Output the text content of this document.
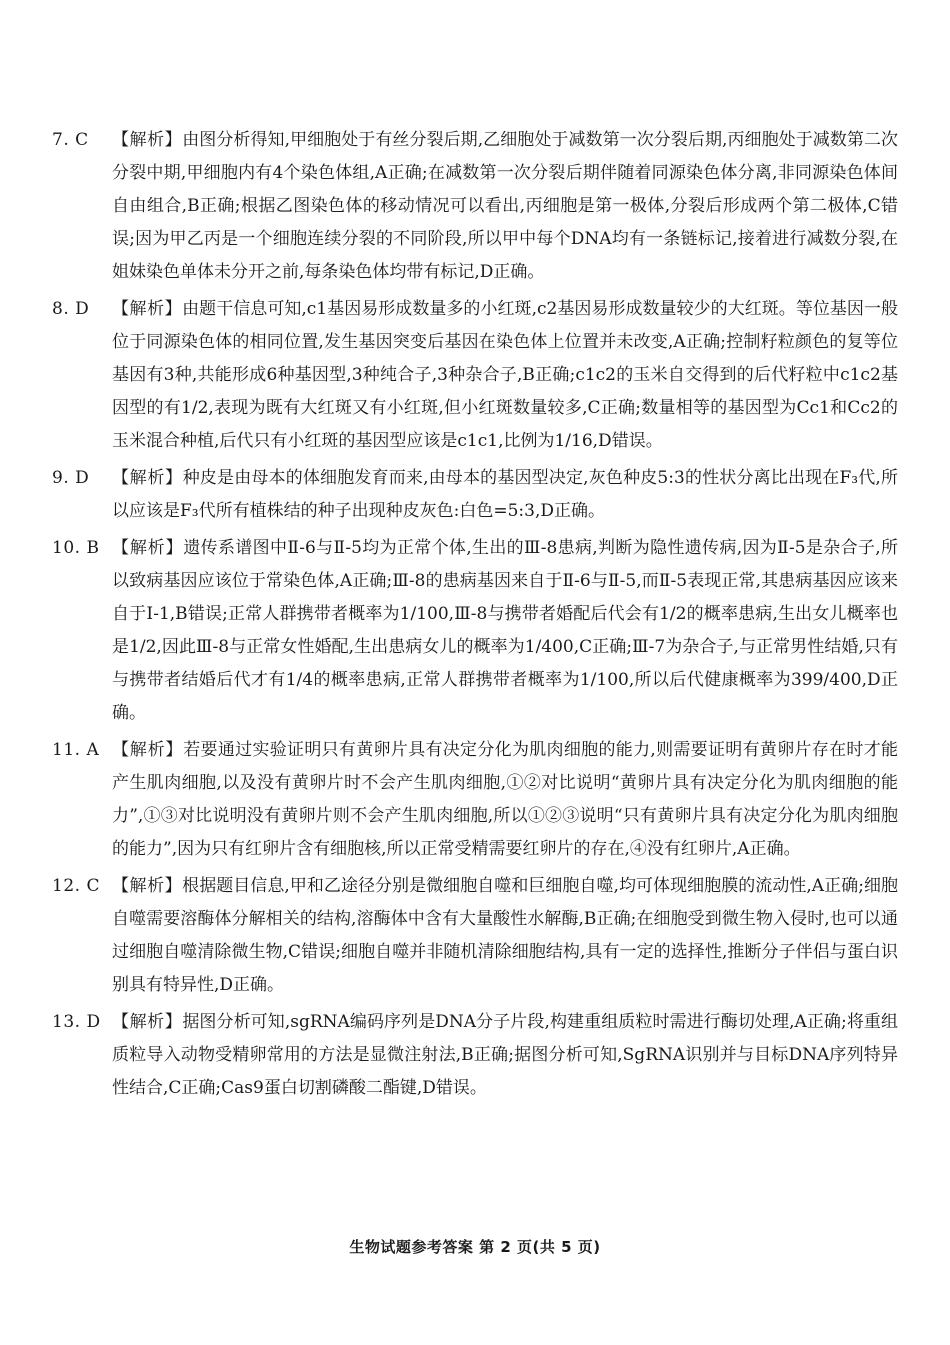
7. C	【解析】由图分析得知,甲细胞处于有丝分裂后期,乙细胞处于减数第一次分裂后期,丙细胞处于减数第二次分裂中期,甲细胞内有4个染色体组,A正确;在减数第一次分裂后期伴随着同源染色体分离,非同源染色体间自由组合,B正确;根据乙图染色体的移动情况可以看出,丙细胞是第一极体,分裂后形成两个第二极体,C错误;因为甲乙丙是一个细胞连续分裂的不同阶段,所以甲中每个DNA均有一条链标记,接着进行减数分裂,在姐妹染色单体未分开之前,每条染色体均带有标记,D正确。
8. D	【解析】由题干信息可知,c1基因易形成数量多的小红斑,c2基因易形成数量较少的大红斑。等位基因一般位于同源染色体的相同位置,发生基因突变后基因在染色体上位置并未改变,A正确;控制籽粒颜色的复等位基因有3种,共能形成6种基因型,3种纯合子,3种杂合子,B正确;c1c2的玉米自交得到的后代籽粒中c1c2基因型的有1/2,表现为既有大红斑又有小红斑,但小红斑数量较多,C正确;数量相等的基因型为Cc1和Cc2的玉米混合种植,后代只有小红斑的基因型应该是c1c1,比例为1/16,D错误。
9. D	【解析】种皮是由母本的体细胞发育而来,由母本的基因型决定,灰色种皮5:3的性状分离比出现在F₃代,所以应该是F₃代所有植株结的种子出现种皮灰色:白色=5:3,D正确。
10. B 【解析】遗传系谱图中Ⅱ-6与Ⅱ-5均为正常个体,生出的Ⅲ-8患病,判断为隐性遗传病,因为Ⅱ-5是杂合子,所以致病基因应该位于常染色体,A正确;Ⅲ-8的患病基因来自于Ⅱ-6与Ⅱ-5,而Ⅱ-5表现正常,其患病基因应该来自于Ⅰ-1,B错误;正常人群携带者概率为1/100,Ⅲ-8与携带者婚配后代会有1/2的概率患病,生出女儿概率也是1/2,因此Ⅲ-8与正常女性婚配,生出患病女儿的概率为1/400,C正确;Ⅲ-7为杂合子,与正常男性结婚,只有与携带者结婚后代才有1/4的概率患病,正常人群携带者概率为1/100,所以后代健康概率为399/400,D正确。
11. A 【解析】若要通过实验证明只有黄卵片具有决定分化为肌肉细胞的能力,则需要证明有黄卵片存在时才能产生肌肉细胞,以及没有黄卵片时不会产生肌肉细胞,①②对比说明“黄卵片具有决定分化为肌肉细胞的能力”,①③对比说明没有黄卵片则不会产生肌肉细胞,所以①②③说明“只有黄卵片具有决定分化为肌肉细胞的能力”,因为只有红卵片含有细胞核,所以正常受精需要红卵片的存在,④没有红卵片,A正确。
12. C 【解析】根据题目信息,甲和乙途径分别是微细胞自噬和巨细胞自噬,均可体现细胞膜的流动性,A正确;细胞自噬需要溶酶体分解相关的结构,溶酶体中含有大量酸性水解酶,B正确;在细胞受到微生物入侵时,也可以通过细胞自噬清除微生物,C错误;细胞自噬并非随机清除细胞结构,具有一定的选择性,推断分子伴侣与蛋白识别具有特异性,D正确。
13. D 【解析】据图分析可知,sgRNA编码序列是DNA分子片段,构建重组质粒时需进行酶切处理,A正确;将重组质粒导入动物受精卵常用的方法是显微注射法,B正确;据图分析可知,SgRNA识别并与目标DNA序列特异性结合,C正确;Cas9蛋白切割磷酸二酯键,D错误。
生物试题参考答案 第 2 页(共 5 页)
